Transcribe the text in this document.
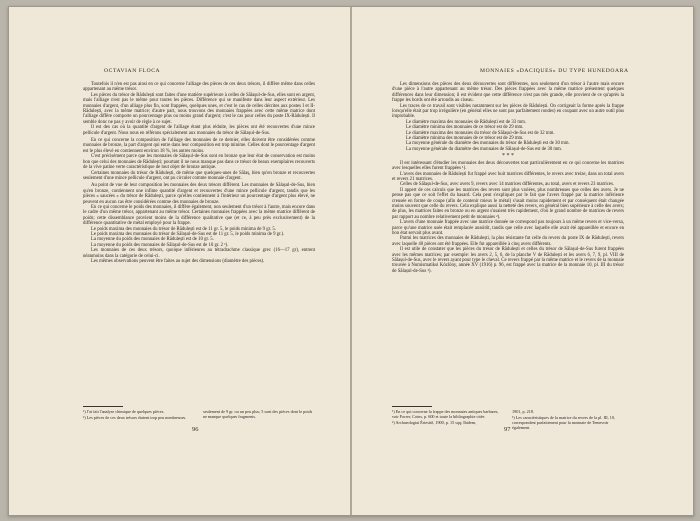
OCTAVIAN FLOCA

Toutefois il n'en est pas ainsi en ce qui concerne l'alliage des pièces de ces deux trésors, il diffère même dans celles appartenant au même trésor.

Les pièces du trésor de Rădulești sont faites d'une matière supérieure à celles de Sălașul-de-Sus, elles sont en argent, mais l'alliage n'est pas le même pour toutes les pièces. Différence qui se manifeste dans leur aspect extérieur. Les monnaies d'argent, d'un alliage plus fin, sont frappées, quelques unes, et c'est le cas de celles décrites aux postes I et II-Rădulești, avec la même matrice; d'autre part, nous trouvons des monnaies frappées avec cette même matrice dont l'alliage diffère comporte un pourcentage plus ou moins grand d'argent; c'est le cas pour celles du poste IX-Rădulești. Il semble donc ne pas y avoir de règle à ce sujet.

Il est des cas où la quantité d'argent de l'alliage étant plus réduite, les pièces ont été recouvertes d'une mince pellicule d'argent. Nous nous en référons spécialement aux monnaies du trésor de Sălașul-de-Sus.

En ce qui concerne la composition de l'alliage des monnaies de ce dernier, elles doivent être considérées comme monnaies de bronze, la part d'argent qui entre dans leur composition est trop minime. Celles dont le pourcentage d'argent est le plus élevé en contiennent environ 18 %, les autres moins.

C'est précisément parce que les monnaies de Sălașul-de-Sus sont en bronze que leur état de conservation est moins bon que celui des monnaies de Rădulești; pourtant il ne nous manque pas dans ce trésor de beaux exemplaires recouverts de la vive patine verte caractéristique de tout objet de bronze antique.

Certaines monnaies du trésor de Rădulești, de même que quelques-unes de Sălaș, bien qu'en bronze et recouvertes seulement d'une mince pellicule d'argent, ont pu circuler comme monnaie d'argent.

Au point de vue de leur composition les monnaies des deux trésors diffèrent. Les monnaies de Sălașul-de-Sus, bien qu'en bronze, contiennent une infime quantité d'argent et recouvertes d'une mince pellicule d'argent, tandis que les pièces « saucées » du trésor de Rădulești, parce qu'elles contiennent à l'intérieur un pourcentage d'argent plus élevé, ne peuvent en aucun cas être considérées comme des monnaies de bronze.

En ce qui concerne le poids des monnaies, il diffère également, non seulement d'un trésor à l'autre, mais encore dans le cadre d'un même trésor, appartenant au même trésor. Certaines monnaies frappées avec la même matrice diffèrent de poids; cette dissemblance provient moins de la différence qualitative que (et ce, à peu près exclusivement) de la différence quantitative de métal employé pour la frappe.

Le poids maxima des monnaies du trésor de Rădulești est de 11 gr. 5, le poids minima de 9 gr. 5.

Le poids maxima des monnaies du trésor de Sălașul-de-Sus est de 11 gr. 5, le poids minima de 9 gr.).

La moyenne du poids des monnaies de Rădulești est de 10 gr. 5.

La moyenne du poids des monnaies de Sălașul-de-Sus est de 10 gr. 2 ¹).

Les monnaies de ces deux trésors, quoique inférieures au tétradrachme classique grec (16—17 gr), entrent néanmoins dans la catégorie de celui-ci.

Les mêmes observations peuvent être faites au sujet des dimensions (diamètre des pièces).

¹) J'ai fait l'analyse chimique de quelques pièces.

²) Les pièces de ces deux trésors étaient trop peu nombreuses.

seulement de 9 gr. ou un peu plus; 5 sont des pièces dont le poids ne manque quelques fragments.

96
MONNAIES «DACIQUES» DU TYPE HUNEDOARA

Les dimensions des pièces des deux découvertes sont différentes, non seulement d'un trésor à l'autre mais encore d'une pièce à l'autre appartenant au même trésor. Des pièces frappées avec la même matrice présentent quelques différences dans leur dimension; il est évident que cette différence n'est pas très grande, elle provient de ce qu'après la frappe les bords ont été arrondis au ciseau.

Les traces de ce travail sont visibles notamment sur les pièces de Rădulești. On corrigeait la forme après la frappe lorsqu'elle était par trop irrégulière (en général elles ne sont pas parfaitement rondes) en coupant avec un autre outil plus improbable.

Le diamètre maxima des monnaies de Rădulești est de 33 mm.

Le diamètre minima des monnaies de ce trésor est de 29 mm.

Le diamètre maxima des monnaies du trésor de Sălașul-de-Sus est de 32 mm.

Le diamètre minima des monnaies de ce trésor est de 29 mm.

La moyenne générale du diamètre des monnaies du trésor de Rădulești est de 30 mm.

La moyenne générale du diamètre des monnaies de Sălașul-de-Sus est de 30 mm.

* * *

Il est intéressant d'étudier les monnaies des deux découvertes tout particulièrement en ce qui concerne les matrices avec lesquelles elles furent frappées ¹).

L'avers des monnaies de Rădulești fut frappé avec huit matrices différentes, le revers avec treize, dans un total avers et revers 21 matrices.

Celles de Sălașul-de-Sus, avec avers 9, revers avec 14 matrices différentes, au total, avers et revers 23 matrices.

Il appert de ces calculs que les matrices des revers sont plus variées, plus nombreuses que celles des avers. Je ne pense pas que ce soit l'effet du hasard. Cela peut s'expliquer par le fait que l'avers frappé par la matrice inférieure creusée en forme de coupe (afin de contenir mieux le métal) s'usait moins rapidement et par conséquent était changée moins souvent que celle du revers. Cela explique aussi la netteté des revers, en général bien supérieure à celle des avers; de plus, les matrices faites en bronze ou en argent s'usaient très rapidement, d'où le grand nombre de matrices de revers par rapport au nombre relativement petit de monnaies ²).

L'avers d'une monnaie frappée avec une matrice donnée ne correspond pas toujours à un même revers et vice-versa, parce qu'une matrice usée était remplacée aussitôt, tandis que celle avec laquelle elle avait été appareillée et encore en bon état servait plus avant.

Parmi les matrices des monnaies de Rădulești, la plus résistante fut celle du revers du poste IX de Rădulești, revers avec laquelle 40 pièces ont été frappées. Elle fut appareillée à cinq avers différents.

Il est utile de constater que les pièces du trésor de Rădulești et celles du trésor de Sălașul-de-Sus furent frappées avec les mêmes matrices; par exemple: les avers 2, 5, 6, de la planche V de Rădulești et les avers 6, 7, 9, pl. VIII de Sălașul-de-Sus, avec le revers ayant pour type le cheval. Ce revers frappé par la même matrice et le revers de la monnaie trouvée à Numismatiksi Kózlöny, année XV (1916) p. 96, est frappé avec la matrice de la monnaie 10, pl. III du trésor de Sălașul-de-Sus ³).

¹) En ce qui concerne la frappe des monnaies antiques barbares, voir Forrer, Coins, p. 600 et toute la bibliographie citée.

²) Archaeologiai Értesítő, 1900, p. 15 sqq; Ibidem,

1901, p. 218.

³) Les caractéristiques de la matrice du revers de la pl. III, 10, correspondent parfaitement pour la monnaie de Temesvár également.

97
